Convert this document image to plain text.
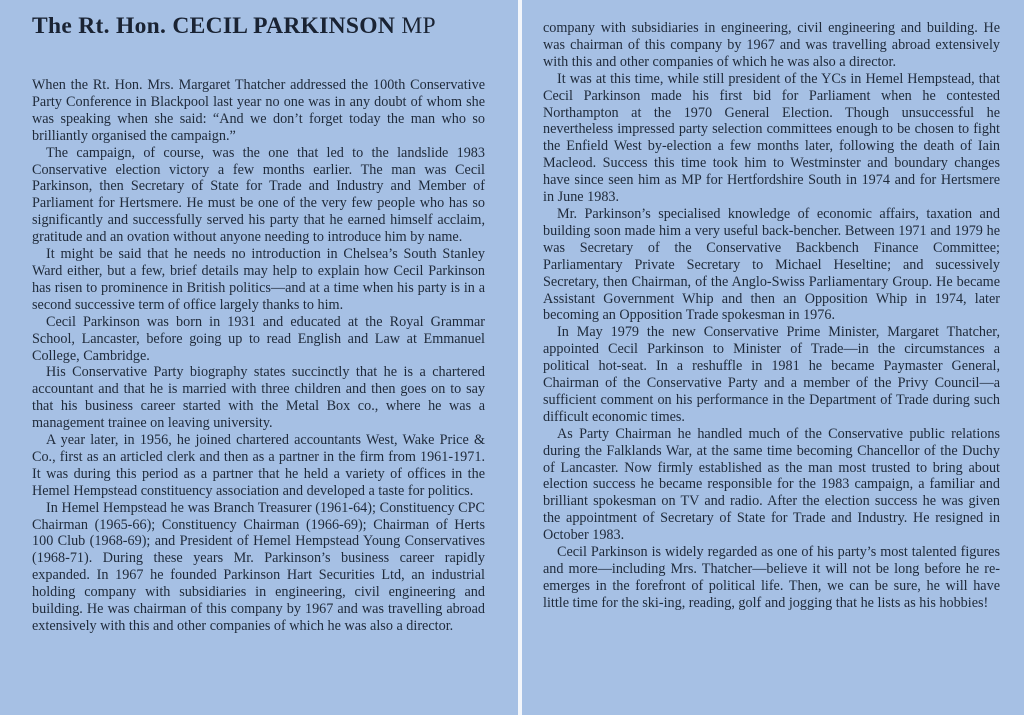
The Rt. Hon. CECIL PARKINSON MP

When the Rt. Hon. Mrs. Margaret Thatcher addressed the 100th Conservative Party Conference in Blackpool last year no one was in any doubt of whom she was speaking when she said: “And we don’t forget today the man who so brilliantly organised the campaign.”

The campaign, of course, was the one that led to the landslide 1983 Conservative election victory a few months earlier. The man was Cecil Parkinson, then Secretary of State for Trade and Industry and Member of Parliament for Hertsmere. He must be one of the very few people who has so significantly and successfully served his party that he earned himself acclaim, gratitude and an ovation without anyone needing to introduce him by name.

It might be said that he needs no introduction in Chelsea’s South Stanley Ward either, but a few, brief details may help to explain how Cecil Parkinson has risen to prominence in British politics—and at a time when his party is in a second successive term of office largely thanks to him.

Cecil Parkinson was born in 1931 and educated at the Royal Grammar School, Lancaster, before going up to read English and Law at Emmanuel College, Cambridge.

His Conservative Party biography states succinctly that he is a chartered accountant and that he is married with three children and then goes on to say that his business career started with the Metal Box co., where he was a management trainee on leaving university.

A year later, in 1956, he joined chartered accountants West, Wake Price & Co., first as an articled clerk and then as a partner in the firm from 1961-1971. It was during this period as a partner that he held a variety of offices in the Hemel Hempstead constituency association and developed a taste for politics.

In Hemel Hempstead he was Branch Treasurer (1961-64); Constituency CPC Chairman (1965-66); Constituency Chairman (1966-69); Chairman of Herts 100 Club (1968-69); and President of Hemel Hempstead Young Conservatives (1968-71). During these years Mr. Parkinson’s business career rapidly expanded. In 1967 he founded Parkinson Hart Securities Ltd, an industrial holding company with subsidiaries in engineering, civil engineering and building. He was chairman of this company by 1967 and was travelling abroad extensively with this and other companies of which he was also a director.

company with subsidiaries in engineering, civil engineering and building. He was chairman of this company by 1967 and was travelling abroad extensively with this and other companies of which he was also a director.

It was at this time, while still president of the YCs in Hemel Hempstead, that Cecil Parkinson made his first bid for Parliament when he contested Northampton at the 1970 General Election. Though unsuccessful he nevertheless impressed party selection committees enough to be chosen to fight the Enfield West by-election a few months later, following the death of Iain Macleod. Success this time took him to Westminster and boundary changes have since seen him as MP for Hertfordshire South in 1974 and for Hertsmere in June 1983.

Mr. Parkinson’s specialised knowledge of economic affairs, taxation and building soon made him a very useful back-bencher. Between 1971 and 1979 he was Secretary of the Conservative Backbench Finance Committee; Parliamentary Private Secretary to Michael Heseltine; and sucessively Secretary, then Chairman, of the Anglo-Swiss Parliamentary Group. He became Assistant Government Whip and then an Opposition Whip in 1974, later becoming an Opposition Trade spokesman in 1976.

In May 1979 the new Conservative Prime Minister, Margaret Thatcher, appointed Cecil Parkinson to Minister of Trade—in the circumstances a political hot-seat. In a reshuffle in 1981 he became Paymaster General, Chairman of the Conservative Party and a member of the Privy Council—a sufficient comment on his performance in the Department of Trade during such difficult economic times.

As Party Chairman he handled much of the Conservative public relations during the Falklands War, at the same time becoming Chancellor of the Duchy of Lancaster. Now firmly established as the man most trusted to bring about election success he became responsible for the 1983 campaign, a familiar and brilliant spokesman on TV and radio. After the election success he was given the appointment of Secretary of State for Trade and Industry. He resigned in October 1983.

Cecil Parkinson is widely regarded as one of his party’s most talented figures and more—including Mrs. Thatcher—believe it will not be long before he re-emerges in the forefront of political life. Then, we can be sure, he will have little time for the ski-ing, reading, golf and jogging that he lists as his hobbies!
